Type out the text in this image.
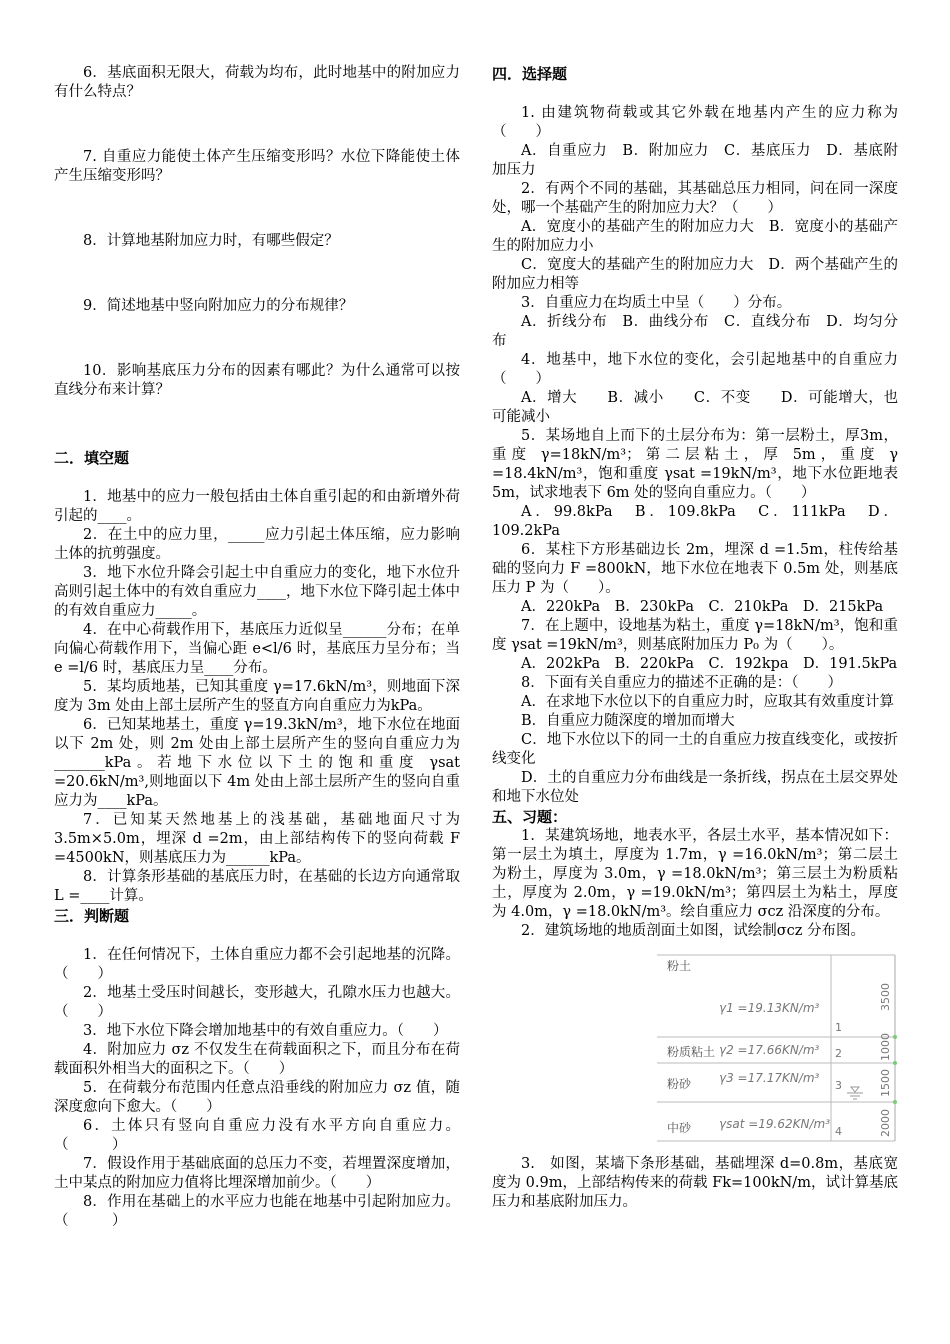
6．基底面积无限大，荷载为均布，此时地基中的附加应力有什么特点？

7. 自重应力能使土体产生压缩变形吗？水位下降能使土体产生压缩变形吗？

8．计算地基附加应力时，有哪些假定？

9．简述地基中竖向附加应力的分布规律？

10．影响基底压力分布的因素有哪此？为什么通常可以按直线分布来计算？

二．填空题

1．地基中的应力一般包括由土体自重引起的和由新增外荷引起的____。

2．在土中的应力里，_____应力引起土体压缩，应力影响土体的抗剪强度。

3．地下水位升降会引起土中自重应力的变化，地下水位升高则引起土体中的有效自重应力____，地下水位下降引起土体中的有效自重应力_____。

4．在中心荷载作用下，基底压力近似呈______分布；在单向偏心荷载作用下，当偏心距 e<l/6 时，基底压力呈分布；当 e =l/6 时，基底压力呈____分布。

5．某均质地基，已知其重度 γ=17.6kN/m³，则地面下深度为 3m 处由上部土层所产生的竖直方向自重应力为kPa。

6．已知某地基土，重度 γ=19.3kN/m³，地下水位在地面以下 2m 处，则 2m 处由上部土层所产生的竖向自重应力为_______kPa。若地下水位以下土的饱和重度 γsat =20.6kN/m³,则地面以下 4m 处由上部土层所产生的竖向自重应力为____kPa。

7．已知某天然地基上的浅基础，基础地面尺寸为3.5m×5.0m，埋深 d =2m，由上部结构传下的竖向荷载 F =4500kN，则基底压力为______kPa。

8．计算条形基础的基底压力时，在基础的长边方向通常取 L =____计算。

三．判断题

1．在任何情况下，土体自重应力都不会引起地基的沉降。（　　）

2．地基土受压时间越长，变形越大，孔隙水压力也越大。（　　）

3．地下水位下降会增加地基中的有效自重应力。（　　）

4．附加应力 σz 不仅发生在荷载面积之下，而且分布在荷载面积外相当大的面积之下。（　　）

5．在荷载分布范围内任意点沿垂线的附加应力 σz 值，随深度愈向下愈大。（　　）

6．土体只有竖向自重应力没有水平方向自重应力。（　　　）

7．假设作用于基础底面的总压力不变，若埋置深度增加，土中某点的附加应力值将比埋深增加前少。（　　）

8．作用在基础上的水平应力也能在地基中引起附加应力。（　　　）

四．选择题

1. 由建筑物荷载或其它外载在地基内产生的应力称为（　　）

A．自重应力　B．附加应力　C．基底压力　D．基底附加压力

2．有两个不同的基础，其基础总压力相同，问在同一深度处，哪一个基础产生的附加应力大？（　　）

A．宽度小的基础产生的附加应力大　B．宽度小的基础产生的附加应力小

C．宽度大的基础产生的附加应力大　D．两个基础产生的附加应力相等

3．自重应力在均质土中呈（　　）分布。

A．折线分布　B．曲线分布　C．直线分布　D．均匀分布

4．地基中，地下水位的变化，会引起地基中的自重应力（　　）

A．增大　　B．减小　　C．不变　　D．可能增大，也可能减小

5．某场地自上而下的土层分布为：第一层粉土，厚3m，重度 γ=18kN/m³；第二层粘土，厚 5m，重度 γ =18.4kN/m³，饱和重度 γsat =19kN/m³，地下水位距地表 5m，试求地表下 6m 处的竖向自重应力。（　　）

A．99.8kPa　B．109.8kPa　C．111kPa　D．109.2kPa

6．某柱下方形基础边长 2m，埋深 d =1.5m，柱传给基础的竖向力 F =800kN，地下水位在地表下 0.5m 处，则基底压力 P 为（　　）。

A．220kPa　B．230kPa　C．210kPa　D．215kPa

7．在上题中，设地基为粘土，重度 γ=18kN/m³，饱和重度 γsat =19kN/m³，则基底附加压力 P₀ 为（　　）。

A．202kPa　B．220kPa　C．192kpa　D．191.5kPa

8．下面有关自重应力的描述不正确的是：（　　）

A．在求地下水位以下的自重应力时，应取其有效重度计算

B．自重应力随深度的增加而增大

C．地下水位以下的同一土的自重应力按直线变化，或按折线变化

D．土的自重应力分布曲线是一条折线，拐点在土层交界处和地下水位处

五、习题：

1．某建筑场地，地表水平，各层土水平，基本情况如下：第一层土为填土，厚度为 1.7m，γ =16.0kN/m³；第二层土为粉土，厚度为 3.0m，γ =18.0kN/m³；第三层土为粉质粘土，厚度为 2.0m，γ =19.0kN/m³；第四层土为粘土，厚度为 4.0m，γ =18.0kN/m³。绘自重应力 σcz 沿深度的分布。

2．建筑场地的地质剖面土如图，试绘制σcz 分布图。

粉土
γ1 =19.13KN/m³
1
粉质粘土 γ2 =17.66KN/m³ 2
粉砂 γ3 =17.17KN/m³
3
中砂 γsat =19.62KN/m³
4
3500
1000
1500
2000

3.　如图，某墙下条形基础，基础埋深 d=0.8m，基底宽度为 0.9m，上部结构传来的荷载 Fk=100kN/m，试计算基底压力和基底附加压力。
